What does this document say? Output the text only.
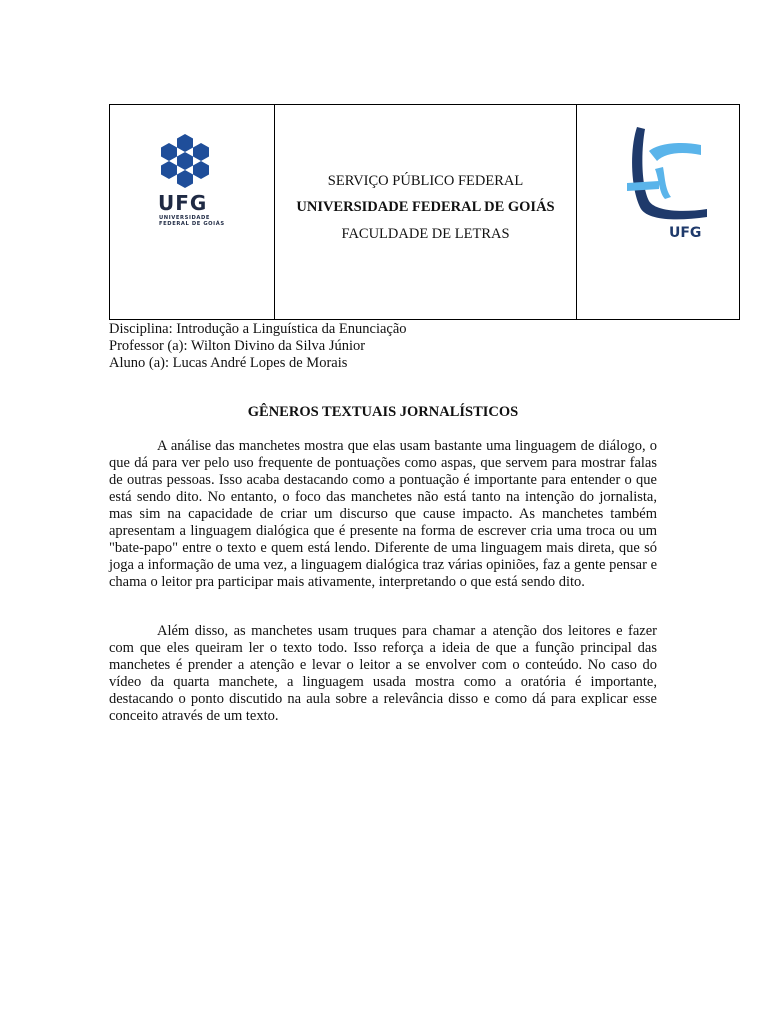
UFG
UNIVERSIDADE
FEDERAL DE GOIÁS
SERVIÇO PÚBLICO FEDERAL
UNIVERSIDADE FEDERAL DE GOIÁS
FACULDADE DE LETRAS	UFG
Disciplina: Introdução a Linguística da Enunciação
Professor (a): Wilton Divino da Silva Júnior
Aluno (a): Lucas André Lopes de Morais
GÊNEROS TEXTUAIS JORNALÍSTICOS

A análise das manchetes mostra que elas usam bastante uma linguagem de diálogo, o que dá para ver pelo uso frequente de pontuações como aspas, que servem para mostrar falas de outras pessoas. Isso acaba destacando como a pontuação é importante para entender o que está sendo dito. No entanto, o foco das manchetes não está tanto na intenção do jornalista, mas sim na capacidade de criar um discurso que cause impacto. As manchetes também apresentam a linguagem dialógica que é presente na forma de escrever cria uma troca ou um "bate-papo" entre o texto e quem está lendo. Diferente de uma linguagem mais direta, que só joga a informação de uma vez, a linguagem dialógica traz várias opiniões, faz a gente pensar e chama o leitor pra participar mais ativamente, interpretando o que está sendo dito.

Além disso, as manchetes usam truques para chamar a atenção dos leitores e fazer com que eles queiram ler o texto todo. Isso reforça a ideia de que a função principal das manchetes é prender a atenção e levar o leitor a se envolver com o conteúdo. No caso do vídeo da quarta manchete, a linguagem usada mostra como a oratória é importante, destacando o ponto discutido na aula sobre a relevância disso e como dá para explicar esse conceito através de um texto.
